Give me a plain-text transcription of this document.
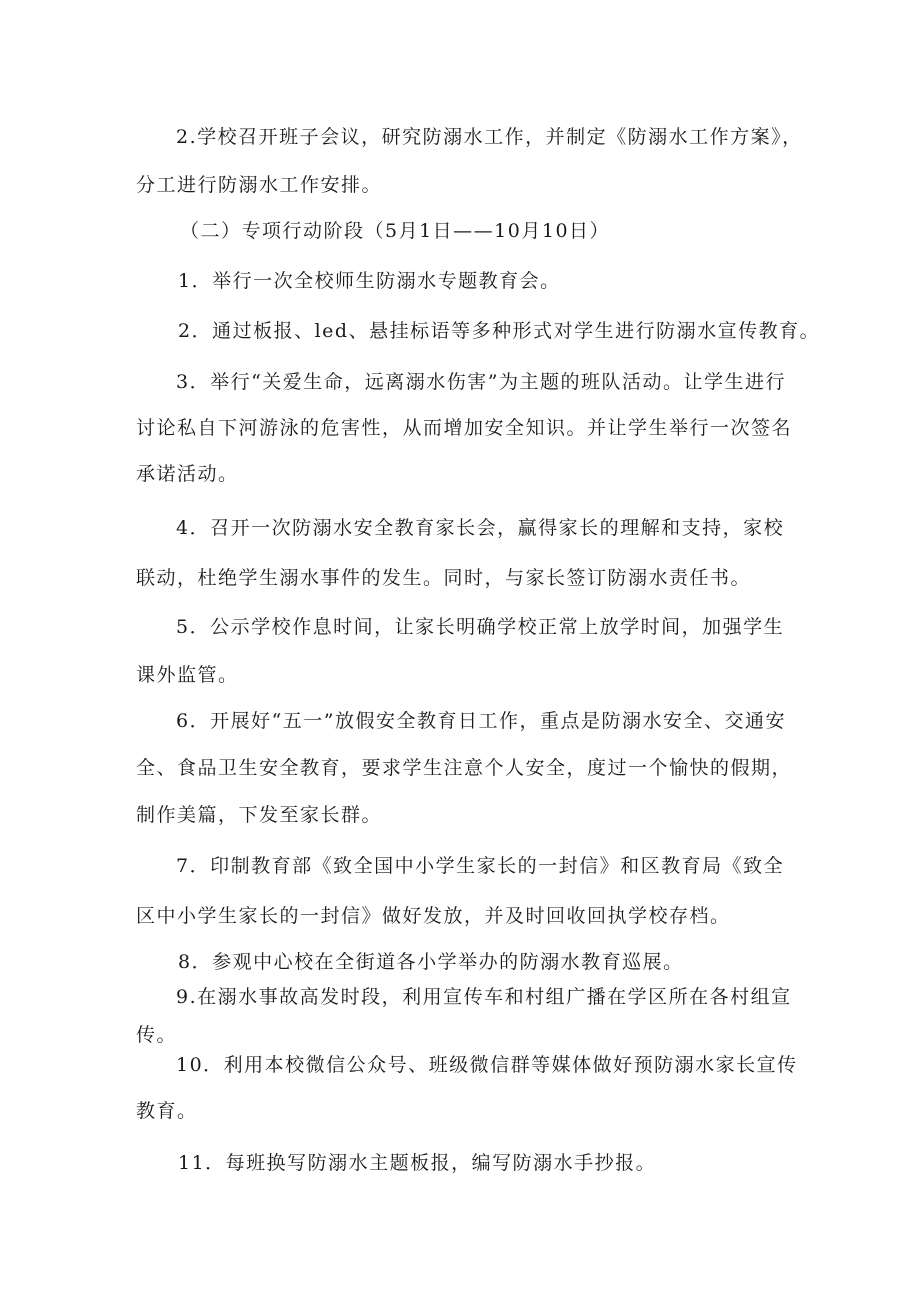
2.学校召开班子会议，研究防溺水工作，并制定《防溺水工作方案》，分工进行防溺水工作安排。

（二）专项行动阶段（5月1日——10月10日）

1．举行一次全校师生防溺水专题教育会。

2．通过板报、led、悬挂标语等多种形式对学生进行防溺水宣传教育。

3．举行“关爱生命，远离溺水伤害”为主题的班队活动。让学生进行讨论私自下河游泳的危害性，从而增加安全知识。并让学生举行一次签名承诺活动。

4．召开一次防溺水安全教育家长会，赢得家长的理解和支持，家校联动，杜绝学生溺水事件的发生。同时，与家长签订防溺水责任书。

5．公示学校作息时间，让家长明确学校正常上放学时间，加强学生课外监管。

6．开展好“五一”放假安全教育日工作，重点是防溺水安全、交通安全、食品卫生安全教育，要求学生注意个人安全，度过一个愉快的假期，制作美篇，下发至家长群。

7．印制教育部《致全国中小学生家长的一封信》和区教育局《致全区中小学生家长的一封信》做好发放，并及时回收回执学校存档。

8．参观中心校在全街道各小学举办的防溺水教育巡展。

9.在溺水事故高发时段，利用宣传车和村组广播在学区所在各村组宣传。

10．利用本校微信公众号、班级微信群等媒体做好预防溺水家长宣传教育。

11．每班换写防溺水主题板报，编写防溺水手抄报。
